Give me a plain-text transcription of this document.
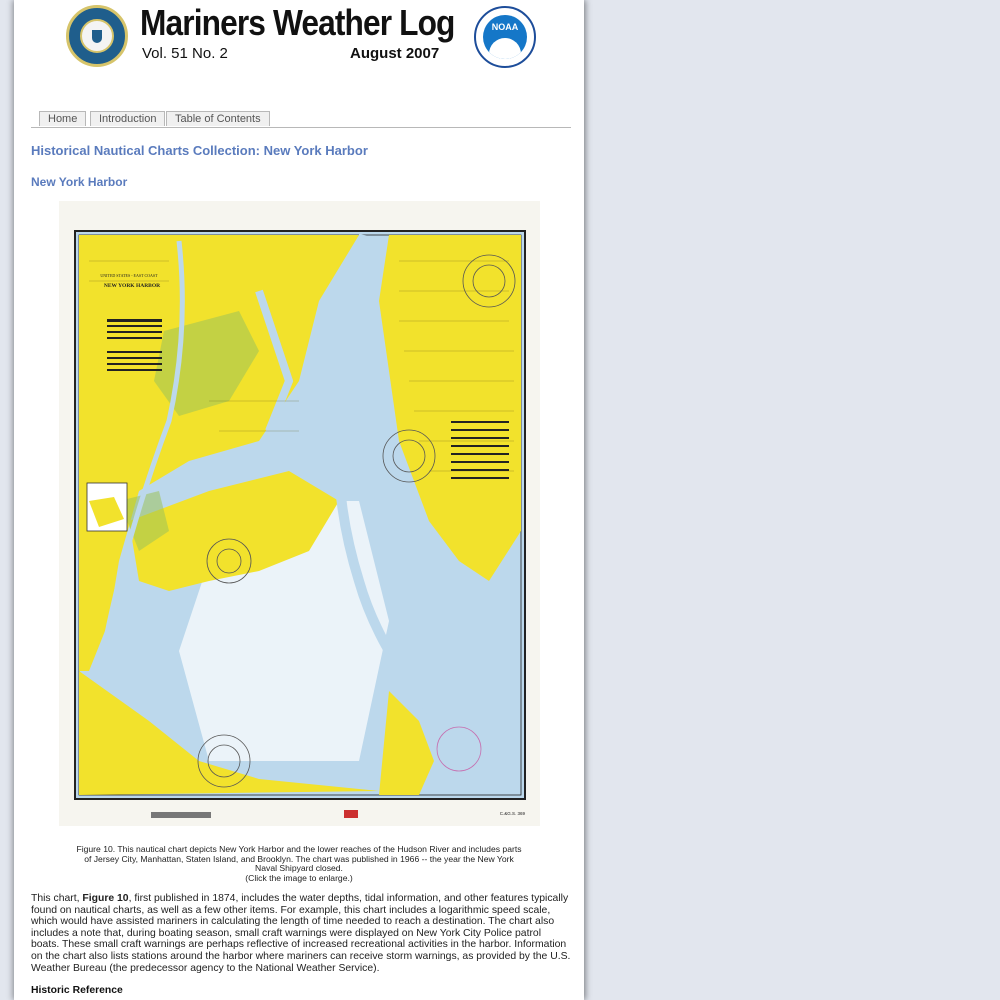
Mariners Weather Log
Vol. 51 No. 2	August 2007
NOAA
Home	Introduction	Table of Contents
Historical Nautical Charts Collection: New York Harbor
New York Harbor
UNITED STATES - EAST COAST
NEW YORK HARBOR
C.&G.S. 369
Figure 10. This nautical chart depicts New York Harbor and the lower reaches of the Hudson River and includes parts
of Jersey City, Manhattan, Staten Island, and Brooklyn. The chart was published in 1966 -- the year the New York
Naval Shipyard closed.
(Click the image to enlarge.)

This chart, Figure 10, first published in 1874, includes the water depths, tidal information, and other features typically found on nautical charts, as well as a few other items. For example, this chart includes a logarithmic speed scale, which would have assisted mariners in calculating the length of time needed to reach a destination. The chart also includes a note that, during boating season, small craft warnings were displayed on New York City Police patrol boats. These small craft warnings are perhaps reflective of increased recreational activities in the harbor. Information on the chart also lists stations around the harbor where mariners can receive storm warnings, as provided by the U.S. Weather Bureau (the predecessor agency to the National Weather Service).

Historic Reference
